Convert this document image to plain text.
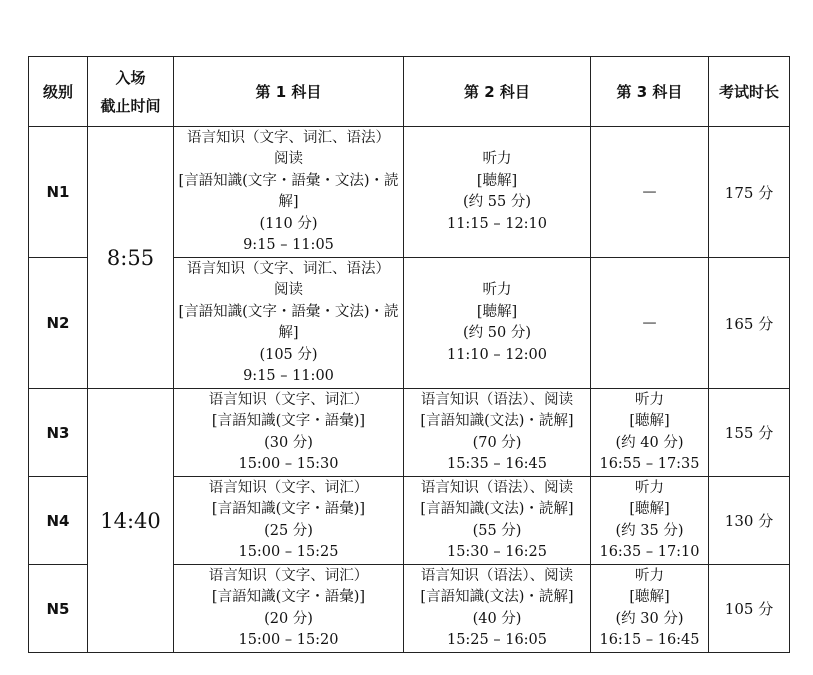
级别	入场
截止时间	第 1 科目	第 2 科目	第 3 科目	考试时长
N1	8:55	语言知识（文字、词汇、语法）
阅读
[言語知識(文字・語彙・文法)・読解]
(110 分)
9:15 – 11:05	听力
[聴解]
(约 55 分)
11:15 – 12:10	—	175 分
N2		语言知识（文字、词汇、语法）
阅读
[言語知識(文字・語彙・文法)・読解]
(105 分)
9:15 – 11:00	听力
[聴解]
(约 50 分)
11:10 – 12:00	—	165 分
N3	14:40	语言知识（文字、词汇）
[言語知識(文字・語彙)]
(30 分)
15:00 – 15:30	语言知识（语法）、阅读
[言語知識(文法)・読解]
(70 分)
15:35 – 16:45	听力
[聴解]
(约 40 分)
16:55 – 17:35	155 分
N4		语言知识（文字、词汇）
[言語知識(文字・語彙)]
(25 分)
15:00 – 15:25	语言知识（语法）、阅读
[言語知識(文法)・読解]
(55 分)
15:30 – 16:25	听力
[聴解]
(约 35 分)
16:35 – 17:10	130 分
N5		语言知识（文字、词汇）
[言語知識(文字・語彙)]
(20 分)
15:00 – 15:20	语言知识（语法）、阅读
[言語知識(文法)・読解]
(40 分)
15:25 – 16:05	听力
[聴解]
(约 30 分)
16:15 – 16:45	105 分
